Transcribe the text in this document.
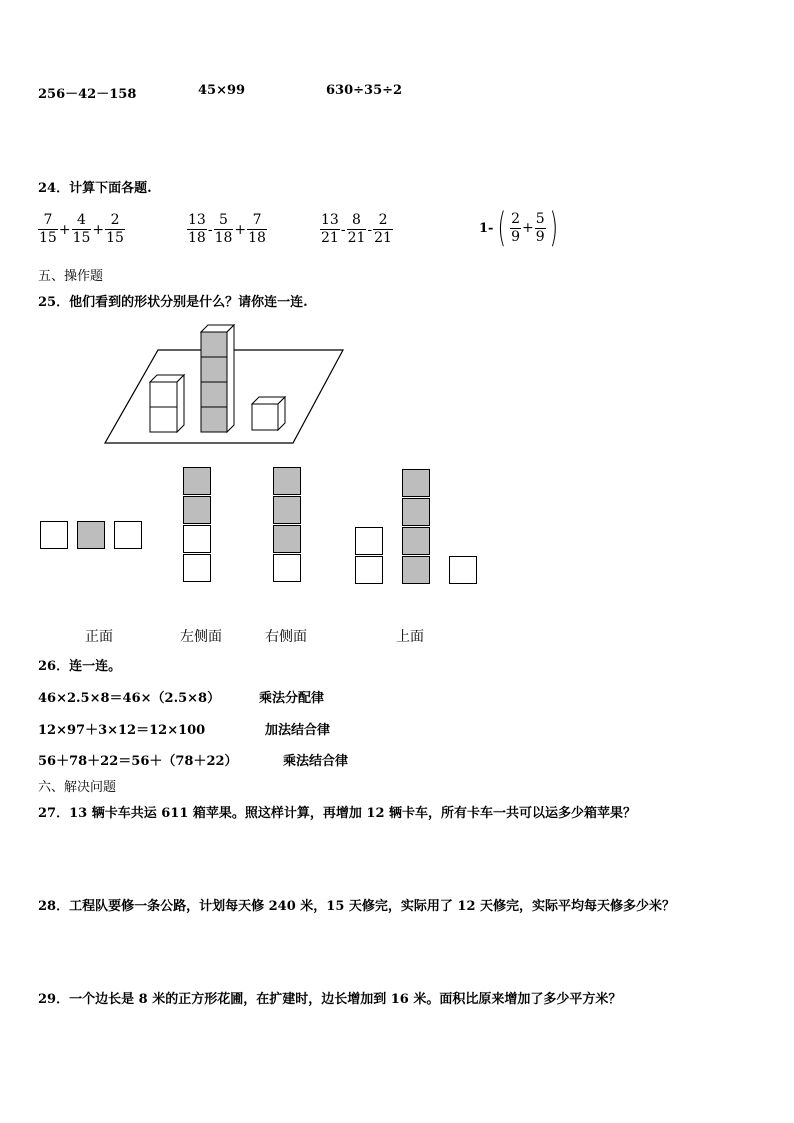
256－42－158	45×99	630÷35÷2
24．计算下面各题.
$\frac{7}{15} + \frac{4}{15} + \frac{2}{15}$	$\frac{13}{18} - \frac{5}{18} + \frac{7}{18}$	$\frac{13}{21} - \frac{8}{21} - \frac{2}{21}$	1- ( $\frac{2}{9} + \frac{5}{9}$ )
五、操作题
25．他们看到的形状分别是什么？请你连一连.
正面	左侧面	右侧面	上面
26．连一连。
46×2.5×8＝46×（2.5×8）	乘法分配律
12×97＋3×12＝12×100	加法结合律
56＋78＋22＝56＋（78＋22）	乘法结合律
六、解决问题
27．13 辆卡车共运 611 箱苹果。照这样计算，再增加 12 辆卡车，所有卡车一共可以运多少箱苹果？
28．工程队要修一条公路，计划每天修 240 米，15 天修完，实际用了 12 天修完，实际平均每天修多少米？
29．一个边长是 8 米的正方形花圃，在扩建时，边长增加到 16 米。面积比原来增加了多少平方米？
